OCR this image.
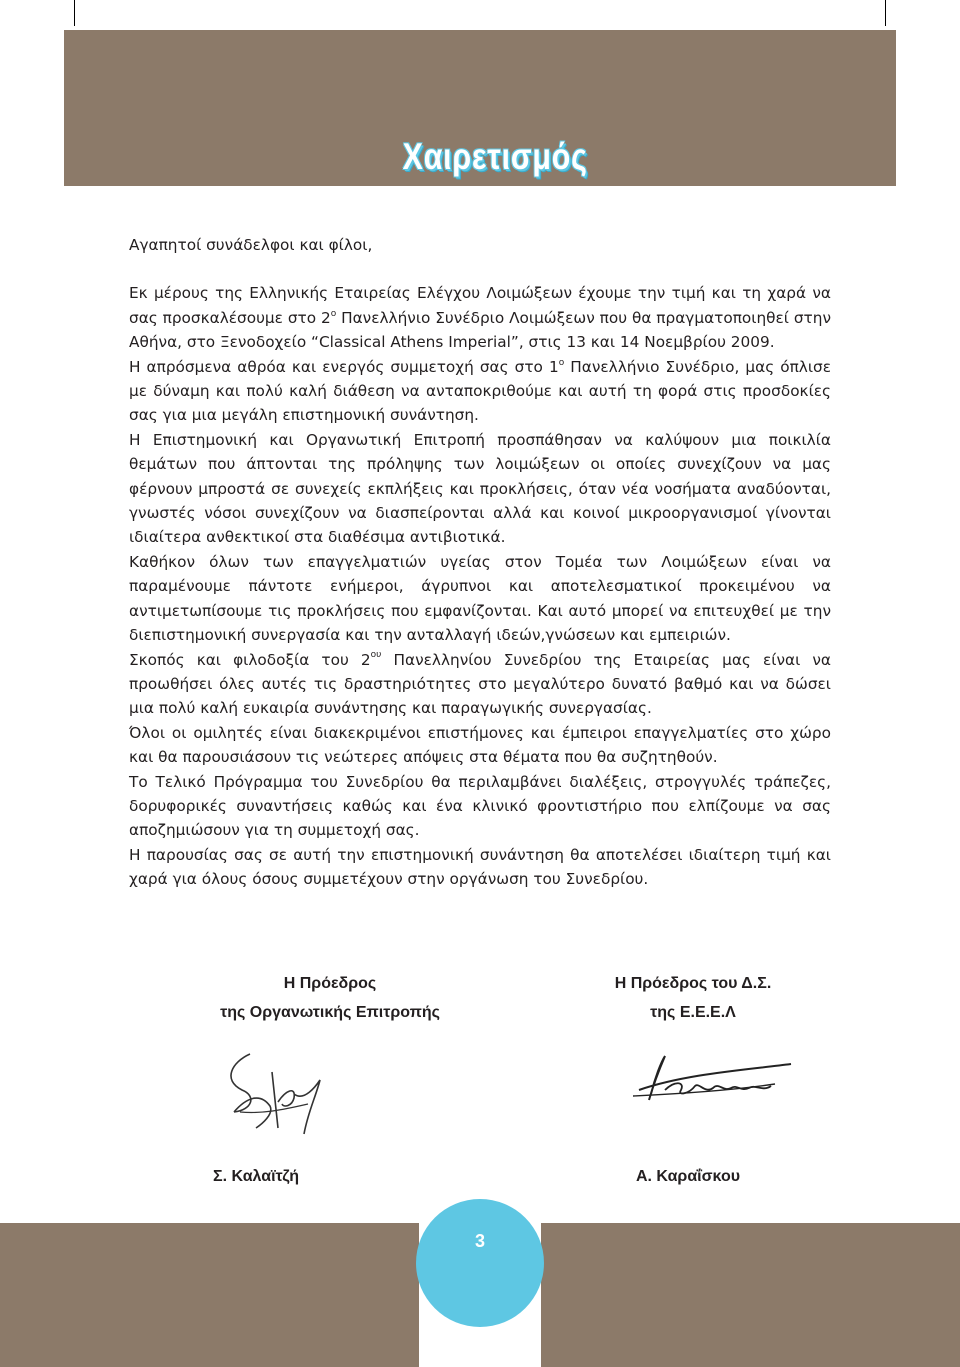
Χαιρετισμός

Αγαπητοί συνάδελφοι και φίλοι,

Εκ μέρους της Ελληνικής Εταιρείας Ελέγχου Λοιμώξεων έχουμε την τιμή και τη χαρά να σας προσκαλέσουμε στο $2^o$ Πανελλήνιο Συνέδριο Λοιμώξεων που θα πραγματοποιηθεί στην Αθήνα, στο Ξενοδοχείο “Classical Athens Imperial”, στις 13 και 14 Νοεμβρίου 2009.

Η απρόσμενα αθρόα και ενεργός συμμετοχή σας στο $1^o$ Πανελλήνιο Συνέδριο, μας όπλισε με δύναμη και πολύ καλή διάθεση να ανταποκριθούμε και αυτή τη φορά στις προσδοκίες σας για μια μεγάλη επιστημονική συνάντηση.

Η Επιστημονική και Οργανωτική Επιτροπή προσπάθησαν να καλύψουν μια ποικιλία θεμάτων που άπτονται της πρόληψης των λοιμώξεων οι οποίες συνεχίζουν να μας φέρνουν μπροστά σε συνεχείς εκπλήξεις και προκλήσεις, όταν νέα νοσήματα αναδύονται, γνωστές νόσοι συνεχίζουν να διασπείρονται αλλά και κοινοί μικροοργανισμοί γίνονται ιδιαίτερα ανθεκτικοί στα διαθέσιμα αντιβιοτικά.

Καθήκον όλων των επαγγελματιών υγείας στον Τομέα των Λοιμώξεων είναι να παραμένουμε πάντοτε ενήμεροι, άγρυπνοι και αποτελεσματικοί προκειμένου να αντιμετωπίσουμε τις προκλήσεις που εμφανίζονται. Και αυτό μπορεί να επιτευχθεί με την διεπιστημονική συνεργασία και την ανταλλαγή ιδεών,γνώσεων και εμπειριών.

Σκοπός και φιλοδοξία του $2^{o\upsilon}$ Πανελληνίου Συνεδρίου της Εταιρείας μας είναι να προωθήσει όλες αυτές τις δραστηριότητες στο μεγαλύτερο δυνατό βαθμό και να δώσει μια πολύ καλή ευκαιρία συνάντησης και παραγωγικής συνεργασίας.

Όλοι οι ομιλητές είναι διακεκριμένοι επιστήμονες και έμπειροι επαγγελματίες στο χώρο και θα παρουσιάσουν τις νεώτερες απόψεις στα θέματα που θα συζητηθούν.

Το Τελικό Πρόγραμμα του Συνεδρίου θα περιλαμβάνει διαλέξεις, στρογγυλές τράπεζες, δορυφορικές συναντήσεις καθώς και ένα κλινικό φροντιστήριο που ελπίζουμε να σας αποζημιώσουν για τη συμμετοχή σας.

Η παρουσίας σας σε αυτή την επιστημονική συνάντηση θα αποτελέσει ιδιαίτερη τιμή και χαρά για όλους όσους συμμετέχουν στην οργάνωση του Συνεδρίου.

Η Πρόεδρος
της Οργανωτικής Επιτροπής
Η Πρόεδρος του Δ.Σ.
της Ε.Ε.Ε.Λ
Σ. Καλαϊτζή	Α. Καραΐσκου
3
